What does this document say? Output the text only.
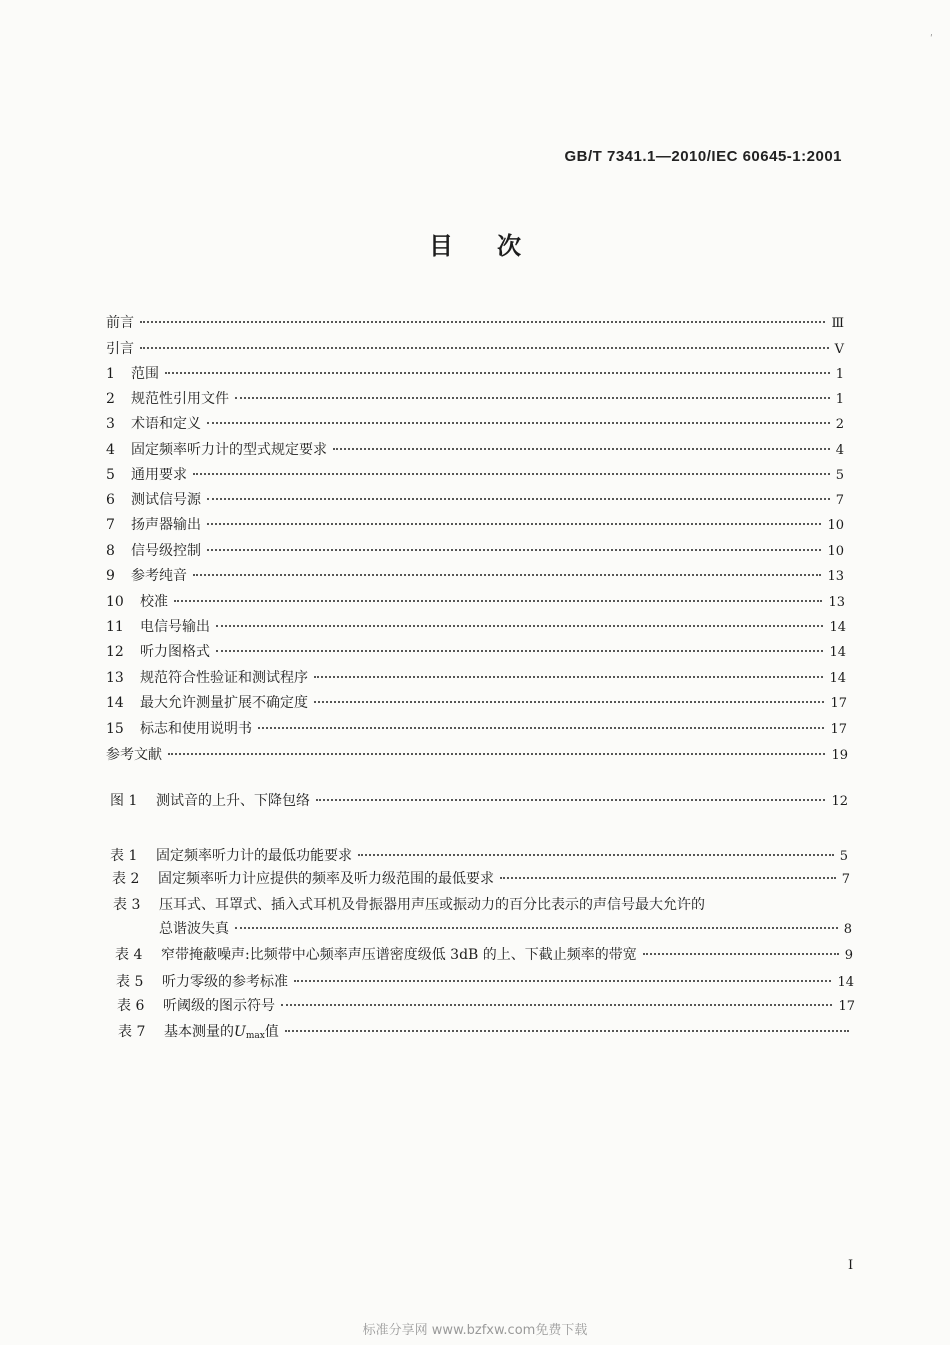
ʹ
GB/T 7341.1—2010/IEC 60645-1:2001
目次
前言	Ⅲ
引言	Ⅴ
1	范围	1
2	规范性引用文件	1
3	术语和定义	2
4	固定频率听力计的型式规定要求	4
5	通用要求	5
6	测试信号源	7
7	扬声器输出	10
8	信号级控制	10
9	参考纯音	13
10	校准	13
11	电信号输出	14
12	听力图格式	14
13	规范符合性验证和测试程序	14
14	最大允许测量扩展不确定度	17
15	标志和使用说明书	17
参考文献	19
图 1	测试音的上升、下降包络	12
表 1	固定频率听力计的最低功能要求	5
表 2	固定频率听力计应提供的频率及听力级范围的最低要求	7
表 3	压耳式、耳罩式、插入式耳机及骨振器用声压或振动力的百分比表示的声信号最大允许的
总谐波失真	8
表 4	窄带掩蔽噪声:比频带中心频率声压谱密度级低 3dB 的上、下截止频率的带宽	9
表 5	听力零级的参考标准	14
表 6	听阈级的图示符号	17
表 7	基本测量的$U_{max}$值
I
标准分享网 www.bzfxw.com免费下载
